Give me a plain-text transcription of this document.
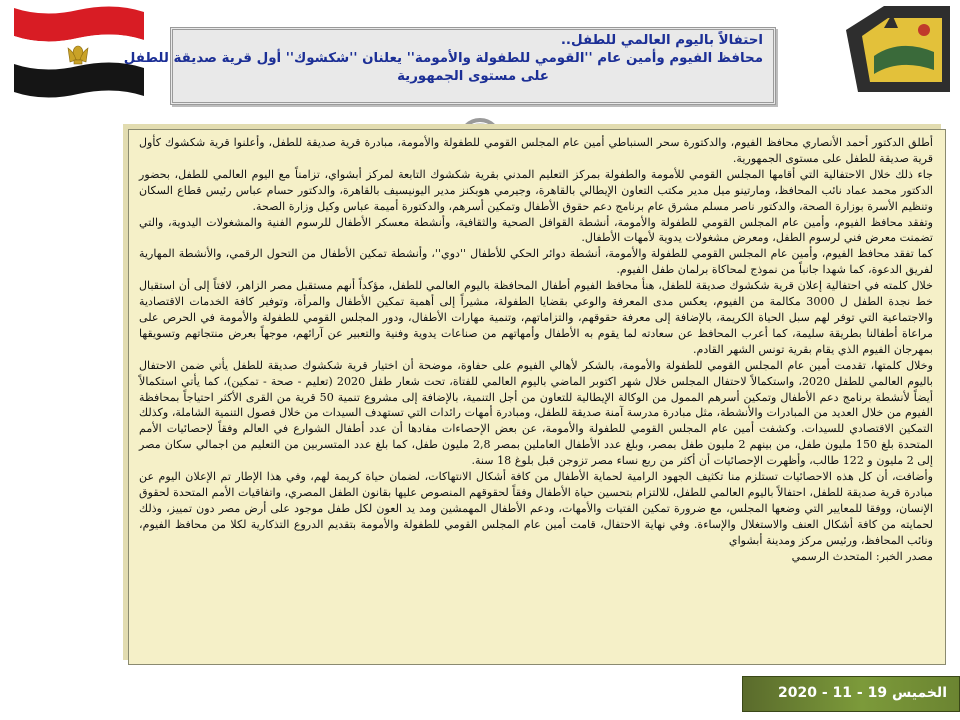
احتفالاً باليوم العالمي للطفل..
محافظ الفيوم وأمين عام ''القومي للطفولة والأمومة'' يعلنان ''شكشوك'' أول قرية صديقة للطفل
على مستوى الجمهورية

أطلق الدكتور أحمد الأنصاري محافظ الفيوم، والدكتورة سحر السنباطي أمين عام المجلس القومي للطفولة والأمومة، مبادرة قرية صديقة للطفل، وأعلنوا قرية شكشوك كأول قرية صديقة للطفل على مستوى الجمهورية.

جاء ذلك خلال الاحتفالية التي أقامها المجلس القومي للأمومة والطفولة بمركز التعليم المدني بقرية شكشوك التابعة لمركز أبشواي، تزامناً مع اليوم العالمي للطفل، بحضور الدكتور محمد عماد نائب المحافظ، ومارتينو ميل مدير مكتب التعاون الإيطالي بالقاهرة، وجيرمي هوبكنز مدير اليونيسيف بالقاهرة، والدكتور حسام عباس رئيس قطاع السكان وتنظيم الأسرة بوزارة الصحة، والدكتور ناصر مسلم مشرق عام برنامج دعم حقوق الأطفال وتمكين أسرهم، والدكتورة أميمة عباس وكيل وزارة الصحة.

وتفقد محافظ الفيوم، وأمين عام المجلس القومي للطفولة والأمومة، أنشطة القوافل الصحية والثقافية، وأنشطة معسكر الأطفال للرسوم الفنية والمشغولات اليدوية، والتي تضمنت معرض فني لرسوم الطفل، ومعرض مشغولات يدوية لأمهات الأطفال.

كما تفقد محافظ الفيوم، وأمين عام المجلس القومي للطفولة والأمومة، أنشطة دوائر الحكي للأطفال ''دوي''، وأنشطة تمكين الأطفال من التحول الرقمي، والأنشطة المهارية لفريق الدعوة، كما شهدا جانباً من نموذج لمحاكاة برلمان طفل الفيوم.

خلال كلمته في احتفالية إعلان قرية شكشوك صديقة للطفل، هنأ محافظ الفيوم أطفال المحافظة باليوم العالمي للطفل، مؤكداً أنهم مستقبل مصر الزاهر، لافتاً إلى أن استقبال خط نجدة الطفل ل 3000 مكالمة من الفيوم، يعكس مدى المعرفة والوعي بقضايا الطفولة، مشيراً إلى أهمية تمكين الأطفال والمرأة، وتوفير كافة الخدمات الاقتصادية والاجتماعية التي توفر لهم سبل الحياة الكريمة، بالإضافة إلى معرفة حقوقهم، والتزاماتهم، وتنمية مهارات الأطفال، ودور المجلس القومي للطفولة والأمومة في الحرص على مراعاة أطفالنا بطريقة سليمة، كما أعرب المحافظ عن سعادته لما يقوم به الأطفال وأمهاتهم من صناعات يدوية وفنية والتعبير عن آرائهم، موجهاً بعرض منتجاتهم وتسويقها بمهرجان الفيوم الذي يقام بقرية تونس الشهر القادم.

وخلال كلمتها، تقدمت أمين عام المجلس القومي للطفولة والأمومة، بالشكر لأهالي الفيوم على حفاوة، موضحة أن اختيار قرية شكشوك صديقة للطفل يأتي ضمن الاحتفال باليوم العالمي للطفل 2020، واستكمالاً لاحتفال المجلس خلال شهر اكتوبر الماضي باليوم العالمي للفتاة، تحت شعار طفل 2020 (تعليم - صحة - تمكين)، كما يأتي استكمالاً أيضاً لأنشطة برنامج دعم الأطفال وتمكين أسرهم الممول من الوكالة الإيطالية للتعاون من أجل التنمية، بالإضافة إلى مشروع تنمية 50 قرية من القرى الأكثر احتياجاً بمحافظة الفيوم من خلال العديد من المبادرات والأنشطة، مثل مبادرة مدرسة آمنة صديقة للطفل، ومبادرة أمهات رائدات التي تستهدف السيدات من خلال فصول التنمية الشاملة، وكذلك التمكين الاقتصادي للسيدات. وكشفت أمين عام المجلس القومي للطفولة والأمومة، عن بعض الإحصاءات مفادها أن عدد أطفال الشوارع في العالم وفقاً لإحصائيات الأمم المتحدة بلغ 150 مليون طفل، من بينهم 2 مليون طفل بمصر، وبلغ عدد الأطفال العاملين بمصر 2,8 مليون طفل، كما بلغ عدد المتسربين من التعليم من اجمالي سكان مصر إلى 2 مليون و 122 طالب، وأظهرت الإحصائيات أن أكثر من ربع نساء مصر تزوجن قبل بلوغ 18 سنة.

وأضافت، أن كل هذه الاحصائيات تستلزم منا تكثيف الجهود الرامية لحماية الأطفال من كافة أشكال الانتهاكات، لضمان حياة كريمة لهم، وفي هذا الإطار تم الإعلان اليوم عن مبادرة قرية صديقة للطفل، احتفالاً باليوم العالمي للطفل، للالتزام بتحسين حياة الأطفال وفقاً لحقوقهم المنصوص عليها بقانون الطفل المصري، واتفاقيات الأمم المتحدة لحقوق الإنسان، ووفقا للمعايير التي وضعها المجلس، مع ضرورة تمكين الفتيات والأمهات، ودعم الأطفال المهمشين ومد يد العون لكل طفل موجود على أرض مصر دون تمييز، وذلك لحمايته من كافة أشكال العنف والاستغلال والإساءة. وفي نهاية الاحتفال، قامت أمين عام المجلس القومي للطفولة والأمومة بتقديم الدروع التذكارية لكلا من محافظ الفيوم، ونائب المحافظ، ورئيس مركز ومدينة أبشواي

مصدر الخبر: المتحدث الرسمي

الخميس 19 - 11 - 2020
